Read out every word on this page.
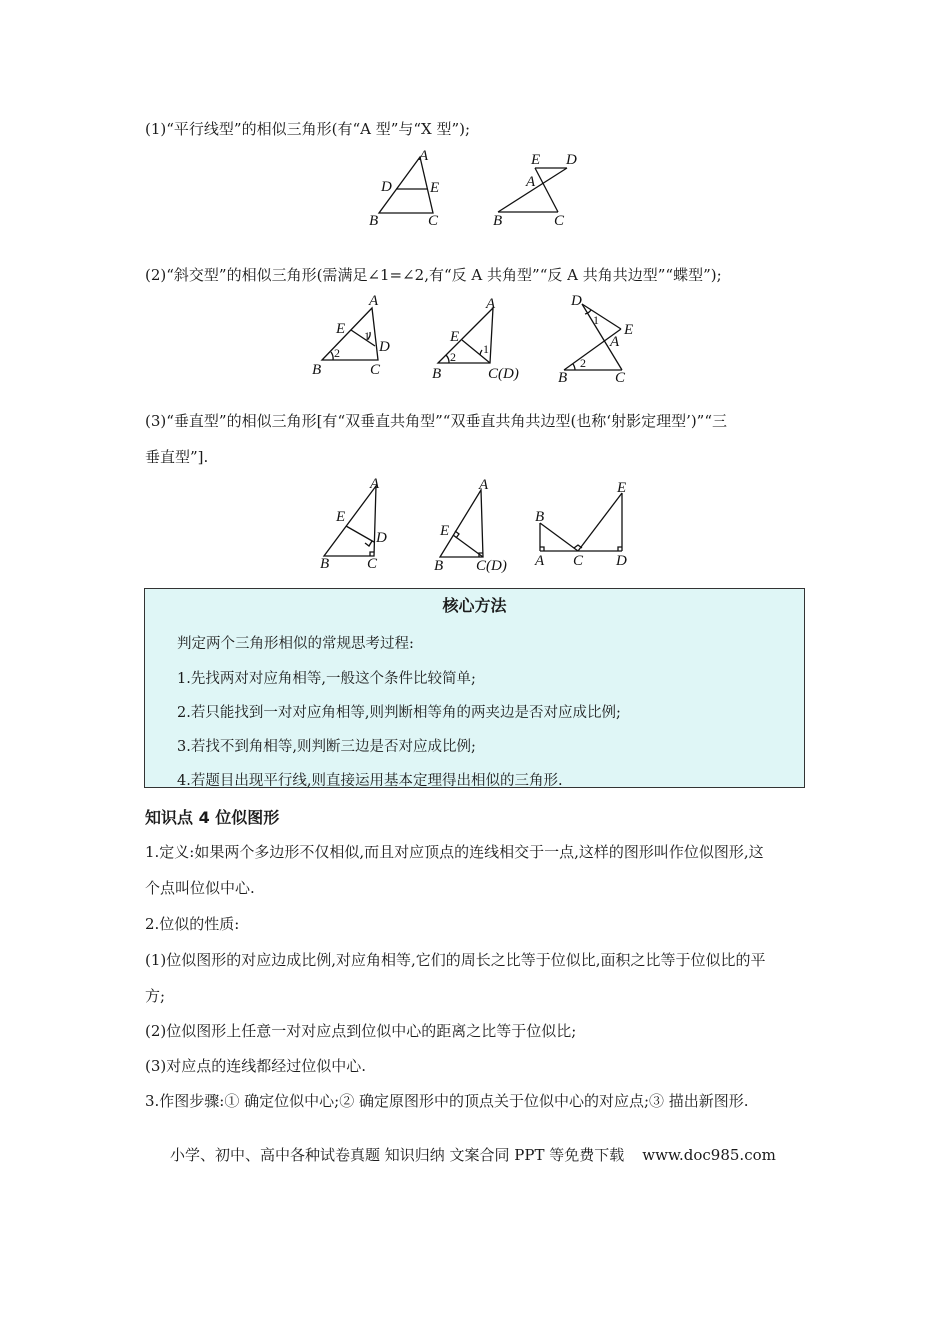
(1)“平行线型”的相似三角形(有“A 型”与“X 型”);
A
D	E
B	C
E D
A
B	C
(2)“斜交型”的相似三角形(需满足∠1=∠2,有“反 A 共角型”“反 A 共角共边型”“蝶型”);
A
E
D
B	C
1
2
A
E
B	C(D)
1
2
D
E
A
B	C
1
2
(3)“垂直型”的相似三角形[有“双垂直共角型”“双垂直共角共边型(也称‘射影定理型’)”“三
垂直型”].
A
E
D
B	C
A
E
B C(D)
E
B
A C D
核心方法
判定两个三角形相似的常规思考过程:
1.先找两对对应角相等,一般这个条件比较简单;
2.若只能找到一对对应角相等,则判断相等角的两夹边是否对应成比例;
3.若找不到角相等,则判断三边是否对应成比例;
4.若题目出现平行线,则直接运用基本定理得出相似的三角形.
知识点 4 位似图形
1.定义:如果两个多边形不仅相似,而且对应顶点的连线相交于一点,这样的图形叫作位似图形,这
个点叫位似中心.
2.位似的性质:
(1)位似图形的对应边成比例,对应角相等,它们的周长之比等于位似比,面积之比等于位似比的平
方;
(2)位似图形上任意一对对应点到位似中心的距离之比等于位似比;
(3)对应点的连线都经过位似中心.
3.作图步骤:① 确定位似中心;② 确定原图形中的顶点关于位似中心的对应点;③ 描出新图形.
小学、初中、高中各种试卷真题 知识归纳 文案合同 PPT 等免费下载 www.doc985.com
